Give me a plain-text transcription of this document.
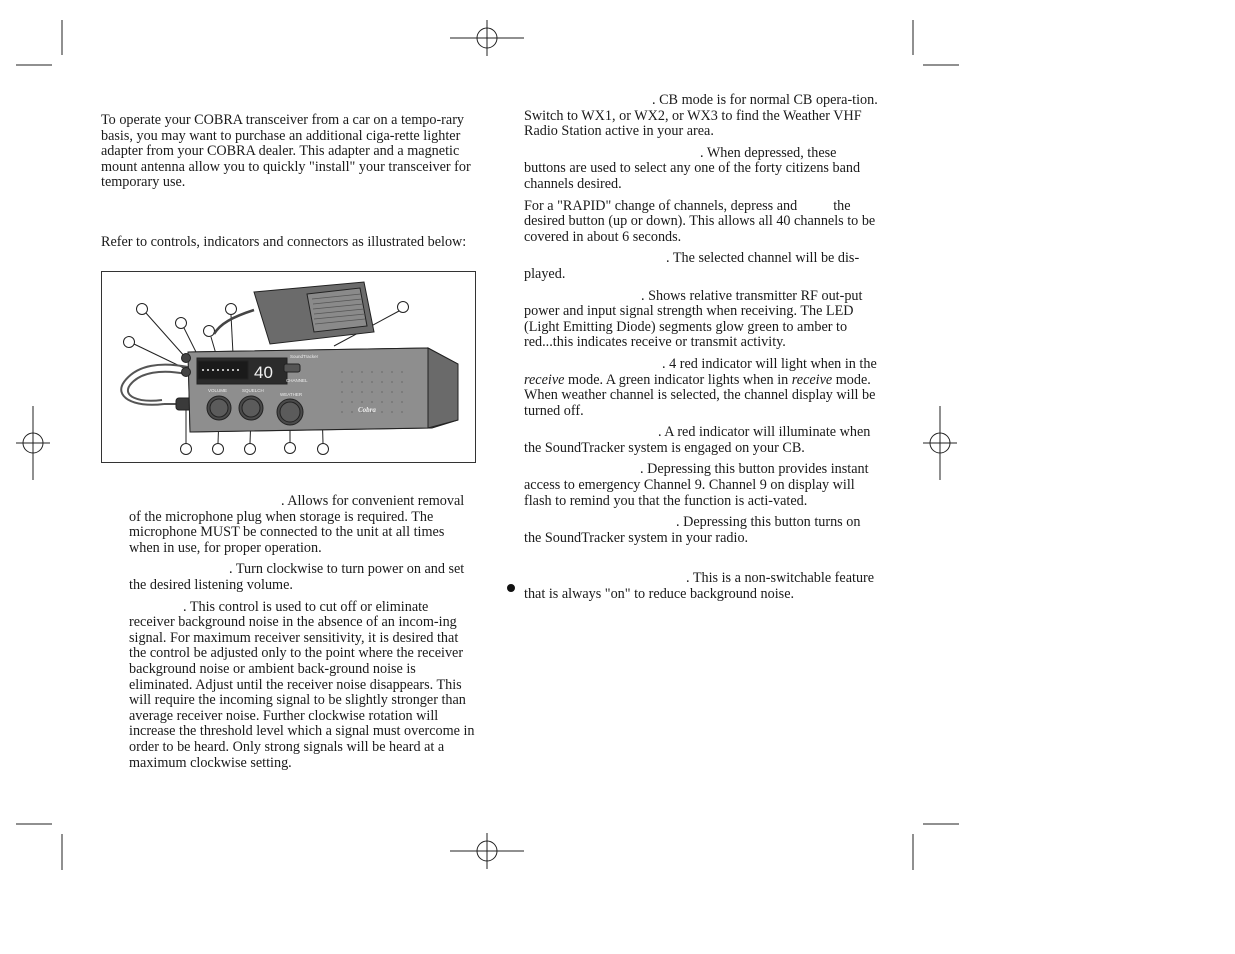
To operate your COBRA transceiver from a car on a tempo-rary basis, you may want to purchase an additional ciga-rette lighter adapter from your COBRA dealer. This adapter and a magnetic mount antenna allow you to quickly "install" your transceiver for temporary use.

Refer to controls, indicators and connectors as illustrated below:

40
VOLUME	SQUELCH
CHANNEL
WEATHER
SoundTracker
Cobra

. Allows for convenient removal of the microphone plug when storage is required. The microphone MUST be connected to the unit at all times when in use, for proper operation.

. Turn clockwise to turn power on and set the desired listening volume.

. This control is used to cut off or eliminate receiver background noise in the absence of an incom-ing signal. For maximum receiver sensitivity, it is desired that the control be adjusted only to the point where the receiver background noise or ambient back-ground noise is eliminated. Adjust until the receiver noise disappears. This will require the incoming signal to be slightly stronger than average receiver noise. Further clockwise rotation will increase the threshold level which a signal must overcome in order to be heard. Only strong signals will be heard at a maximum clockwise setting.

. CB mode is for normal CB opera-tion. Switch to WX1, or WX2, or WX3 to find the Weather VHF Radio Station active in your area.

. When depressed, these buttons are used to select any one of the forty citizens band channels desired.

For a "RAPID" change of channels, depress and	the desired button (up or down). This allows all 40 channels to be covered in about 6 seconds.

. The selected channel will be dis-played.

. Shows relative transmitter RF out-put power and input signal strength when receiving. The LED (Light Emitting Diode) segments glow green to amber to red...this indicates receive or transmit activity.

. 4 red indicator will light when in the receive mode. A green indicator lights when in receive mode. When weather channel is selected, the channel display will be turned off.

. A red indicator will illuminate when the SoundTracker system is engaged on your CB.

. Depressing this button provides instant access to emergency Channel 9. Channel 9 on display will flash to remind you that the function is acti-vated.

. Depressing this button turns on the SoundTracker system in your radio.

. This is a non-switchable feature that is always "on" to reduce background noise.
